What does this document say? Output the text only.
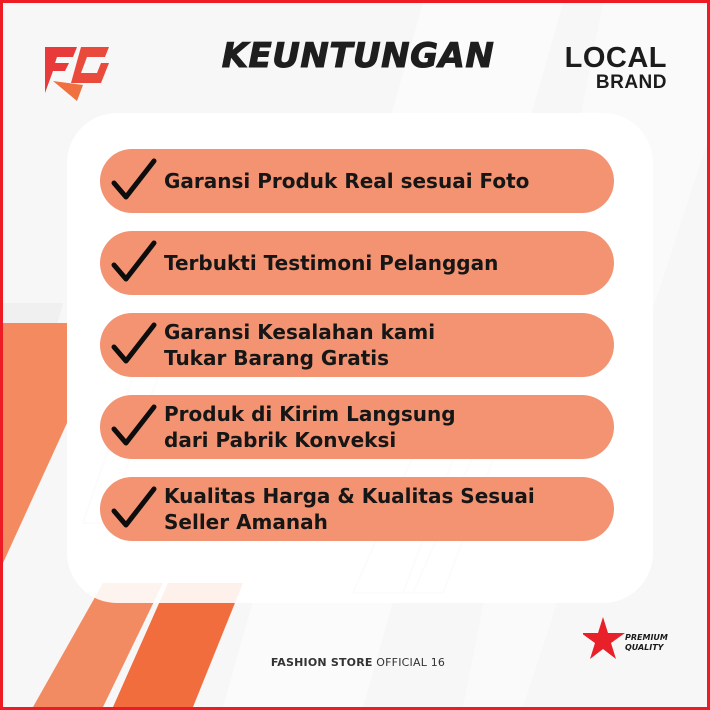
KEUNTUNGAN	LOCAL
BRAND
Garansi Produk Real sesuai Foto
Terbukti Testimoni Pelanggan
Garansi Kesalahan kami
Tukar Barang Gratis
Produk di Kirim Langsung
dari Pabrik Konveksi
Kualitas Harga & Kualitas Sesuai
Seller Amanah
FASHION STORE OFFICIAL 16
PREMIUM
QUALITY
